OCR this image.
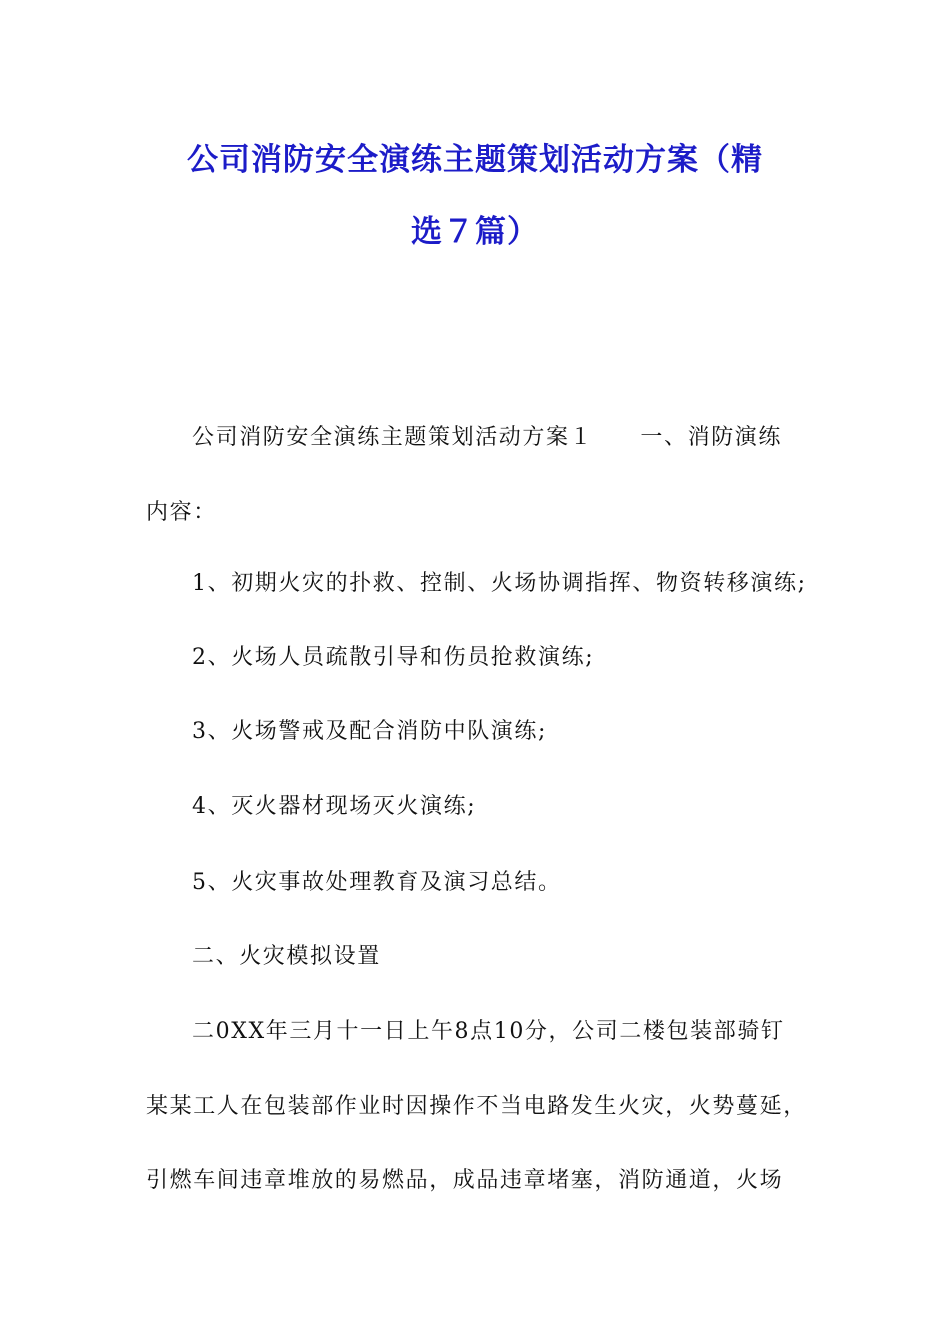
公司消防安全演练主题策划活动方案（精
选７篇）
公司消防安全演练主题策划活动方案１　　一、消防演练
内容：
1、初期火灾的扑救、控制、火场协调指挥、物资转移演练;
2、火场人员疏散引导和伤员抢救演练;
3、火场警戒及配合消防中队演练;
4、灭火器材现场灭火演练;
5、火灾事故处理教育及演习总结。
二、火灾模拟设置
二0XX年三月十一日上午8点10分，公司二楼包装部骑钉
某某工人在包装部作业时因操作不当电路发生火灾，火势蔓延，
引燃车间违章堆放的易燃品，成品违章堵塞，消防通道，火场
